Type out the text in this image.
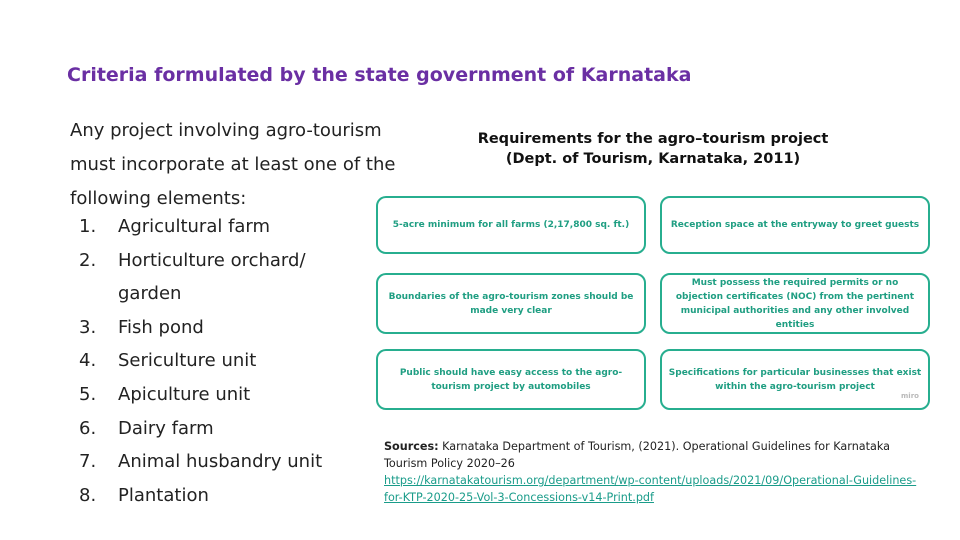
Criteria formulated by the state government of Karnataka
Any project involving agro-tourism must incorporate at least one of the following elements:
1.	Agricultural farm
2.	Horticulture orchard/ garden
3.	Fish pond
4.	Sericulture unit
5.	Apiculture unit
6.	Dairy farm
7.	Animal husbandry unit
8.	Plantation
Requirements for the agro–tourism project
(Dept. of Tourism, Karnataka, 2011)
5-acre minimum for all farms (2,17,800 sq. ft.)	Reception space at the entryway to greet guests
Boundaries of the agro-tourism zones should be made very clear
Must possess the required permits or no objection certificates (NOC) from the pertinent municipal authorities and any other involved entities
Public should have easy access to the agro-tourism project by automobiles
Specifications for particular businesses that exist within the agro-tourism project
miro
Sources: Karnataka Department of Tourism, (2021). Operational Guidelines for Karnataka Tourism Policy 2020–26
https://karnatakatourism.org/department/wp-content/uploads/2021/09/Operational-Guidelines-for-KTP-2020-25-Vol-3-Concessions-v14-Print.pdf
